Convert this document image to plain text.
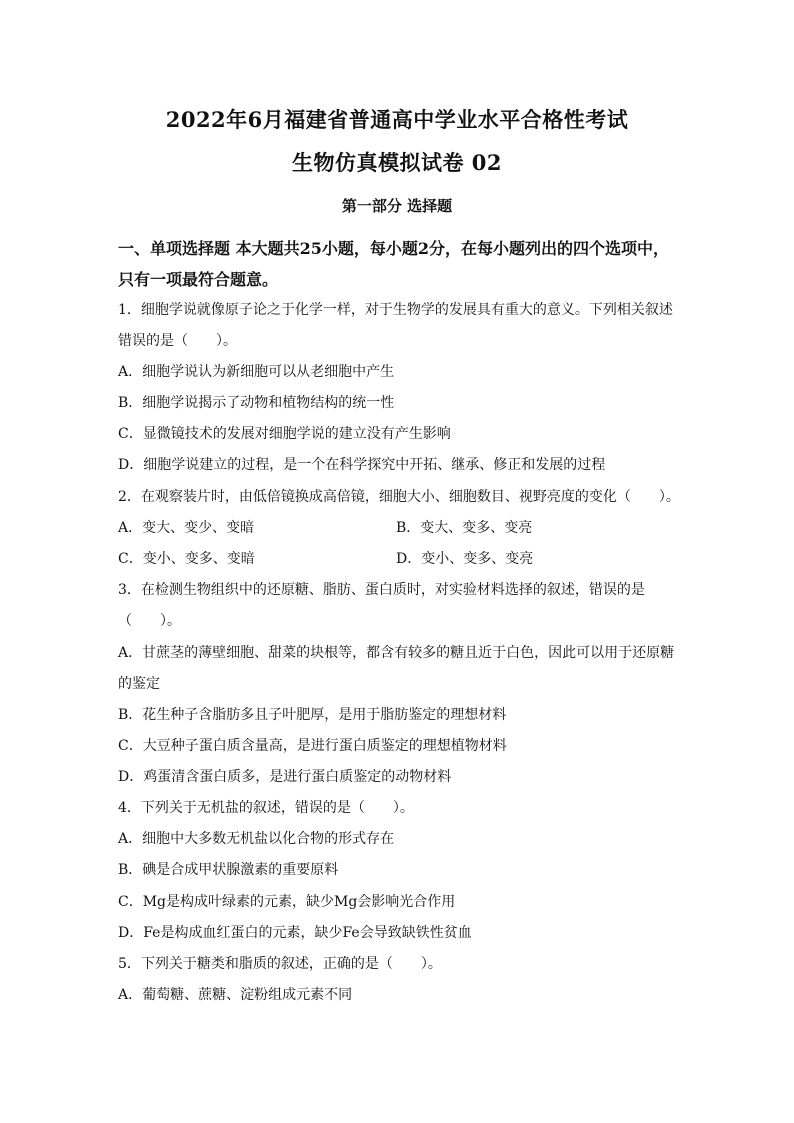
2022年6月福建省普通高中学业水平合格性考试
生物仿真模拟试卷 02
第一部分 选择题
一、单项选择题 本大题共25小题，每小题2分，在每小题列出的四个选项中，
只有一项最符合题意。
1．细胞学说就像原子论之于化学一样，对于生物学的发展具有重大的意义。下列相关叙述
错误的是（　　）。
A．细胞学说认为新细胞可以从老细胞中产生
B．细胞学说揭示了动物和植物结构的统一性
C．显微镜技术的发展对细胞学说的建立没有产生影响
D．细胞学说建立的过程，是一个在科学探究中开拓、继承、修正和发展的过程
2．在观察装片时，由低倍镜换成高倍镜，细胞大小、细胞数目、视野亮度的变化（　　）。
A．变大、变少、变暗	B．变大、变多、变亮
C．变小、变多、变暗	D．变小、变多、变亮
3．在检测生物组织中的还原糖、脂肪、蛋白质时，对实验材料选择的叙述，错误的是
（　　）。
A．甘蔗茎的薄壁细胞、甜菜的块根等，都含有较多的糖且近于白色，因此可以用于还原糖
的鉴定
B．花生种子含脂肪多且子叶肥厚，是用于脂肪鉴定的理想材料
C．大豆种子蛋白质含量高，是进行蛋白质鉴定的理想植物材料
D．鸡蛋清含蛋白质多，是进行蛋白质鉴定的动物材料
4．下列关于无机盐的叙述，错误的是（　　）。
A．细胞中大多数无机盐以化合物的形式存在
B．碘是合成甲状腺激素的重要原料
C．Mg是构成叶绿素的元素，缺少Mg会影响光合作用
D．Fe是构成血红蛋白的元素，缺少Fe会导致缺铁性贫血
5．下列关于糖类和脂质的叙述，正确的是（　　）。
A．葡萄糖、蔗糖、淀粉组成元素不同
